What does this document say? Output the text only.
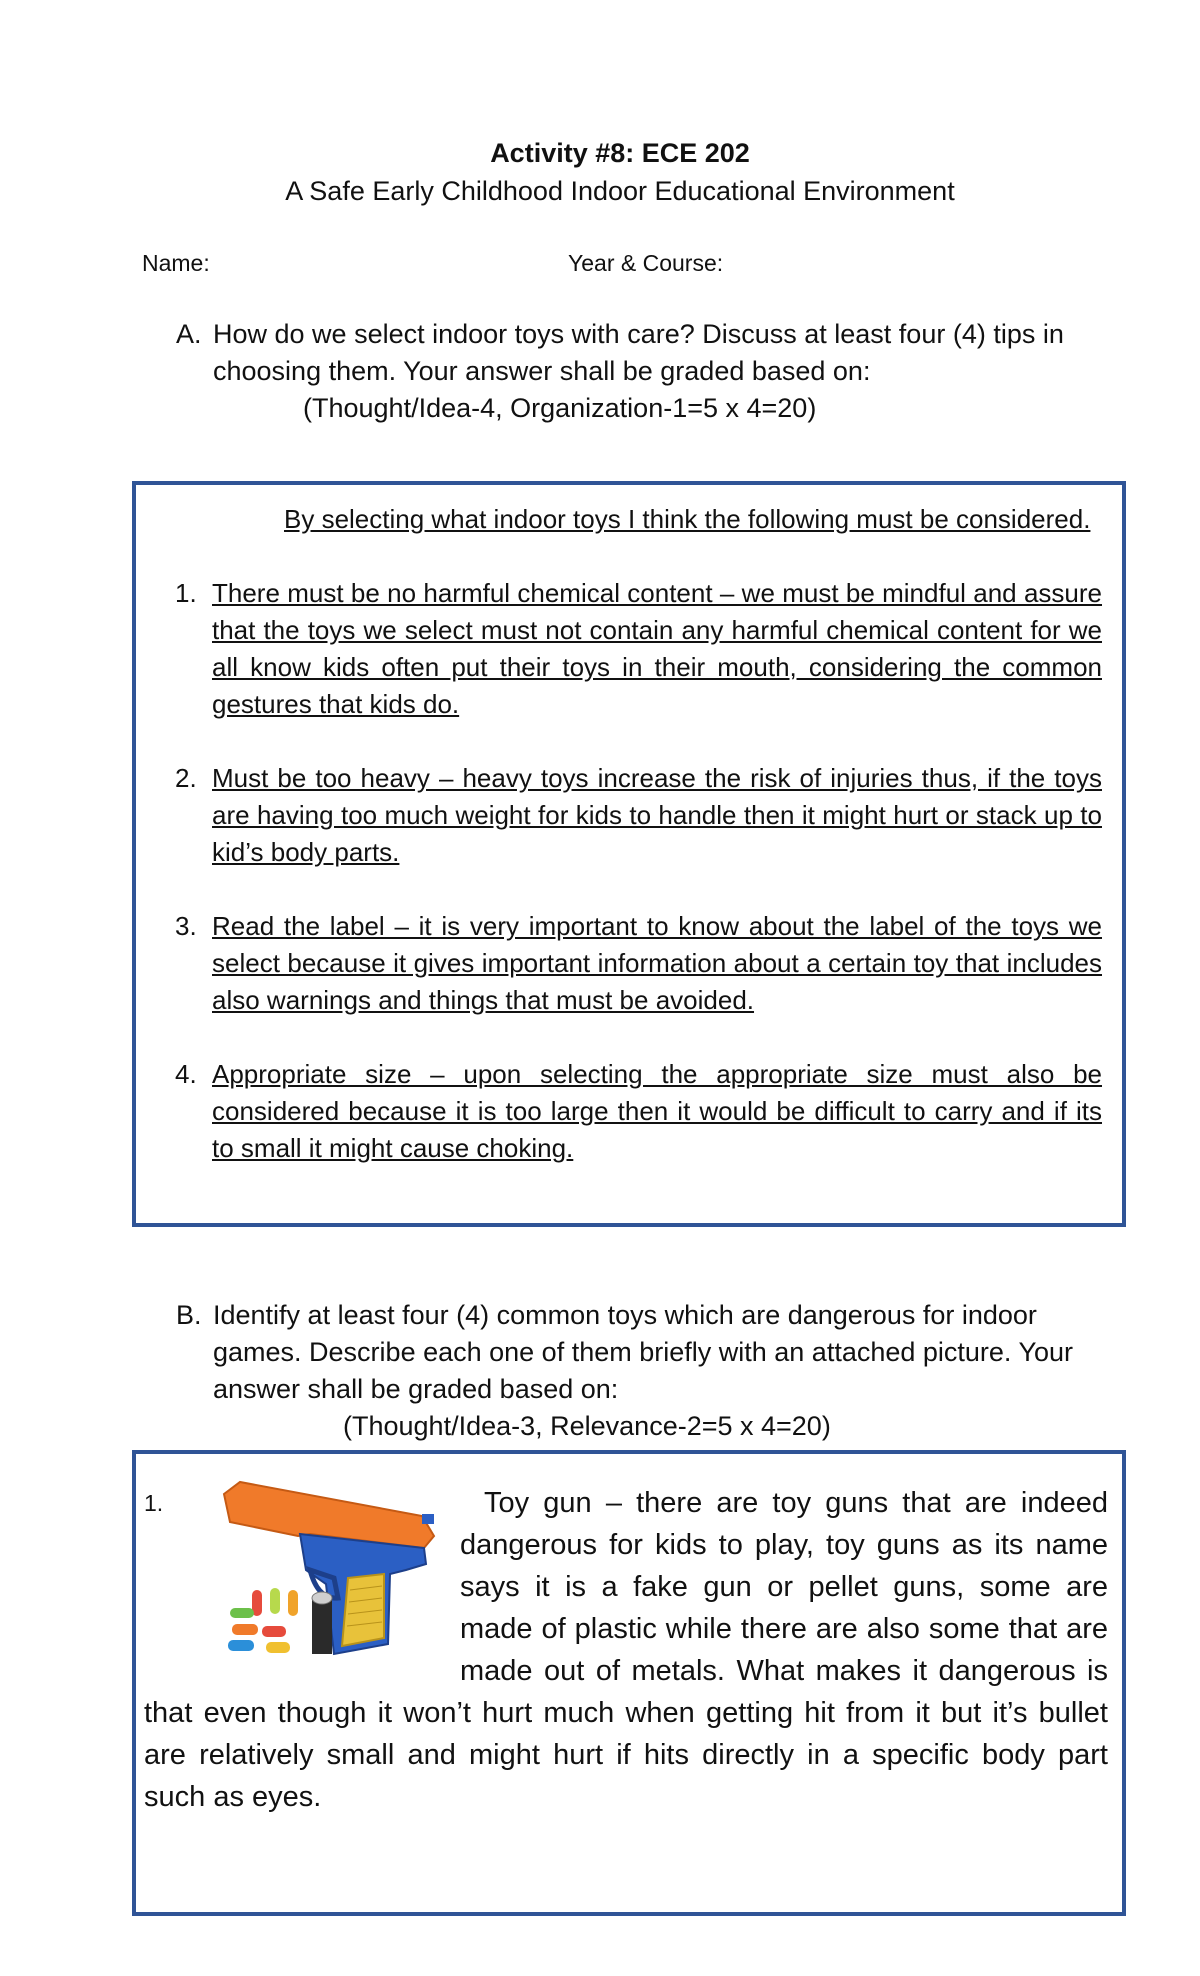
Activity #8: ECE 202
A Safe Early Childhood Indoor Educational Environment
Name:	Year & Course:
A. How do we select indoor toys with care? Discuss at least four (4) tips in choosing them. Your answer shall be graded based on:
(Thought/Idea-4, Organization-1=5 x 4=20)

By selecting what indoor toys I think the following must be considered.

1. There must be no harmful chemical content – we must be mindful and assure that the toys we select must not contain any harmful chemical content for we all know kids often put their toys in their mouth, considering the common gestures that kids do.

2. Must be too heavy – heavy toys increase the risk of injuries thus, if the toys are having too much weight for kids to handle then it might hurt or stack up to kid’s body parts.

3. Read the label – it is very important to know about the label of the toys we select because it gives important information about a certain toy that includes also warnings and things that must be avoided.

4. Appropriate size – upon selecting the appropriate size must also be considered because it is too large then it would be difficult to carry and if its to small it might cause choking.

B. Identify at least four (4) common toys which are dangerous for indoor games. Describe each one of them briefly with an attached picture. Your answer shall be graded based on:
(Thought/Idea-3, Relevance-2=5 x 4=20)
1.	Toy gun – there are toy guns that are indeed dangerous for kids to play, toy guns as its name says it is a fake gun or pellet guns, some are made of plastic while there are also some that are made out of metals. What makes it dangerous is that even though it won’t hurt much when getting hit from it but it’s bullet are relatively small and might hurt if hits directly in a specific body part such as eyes.
